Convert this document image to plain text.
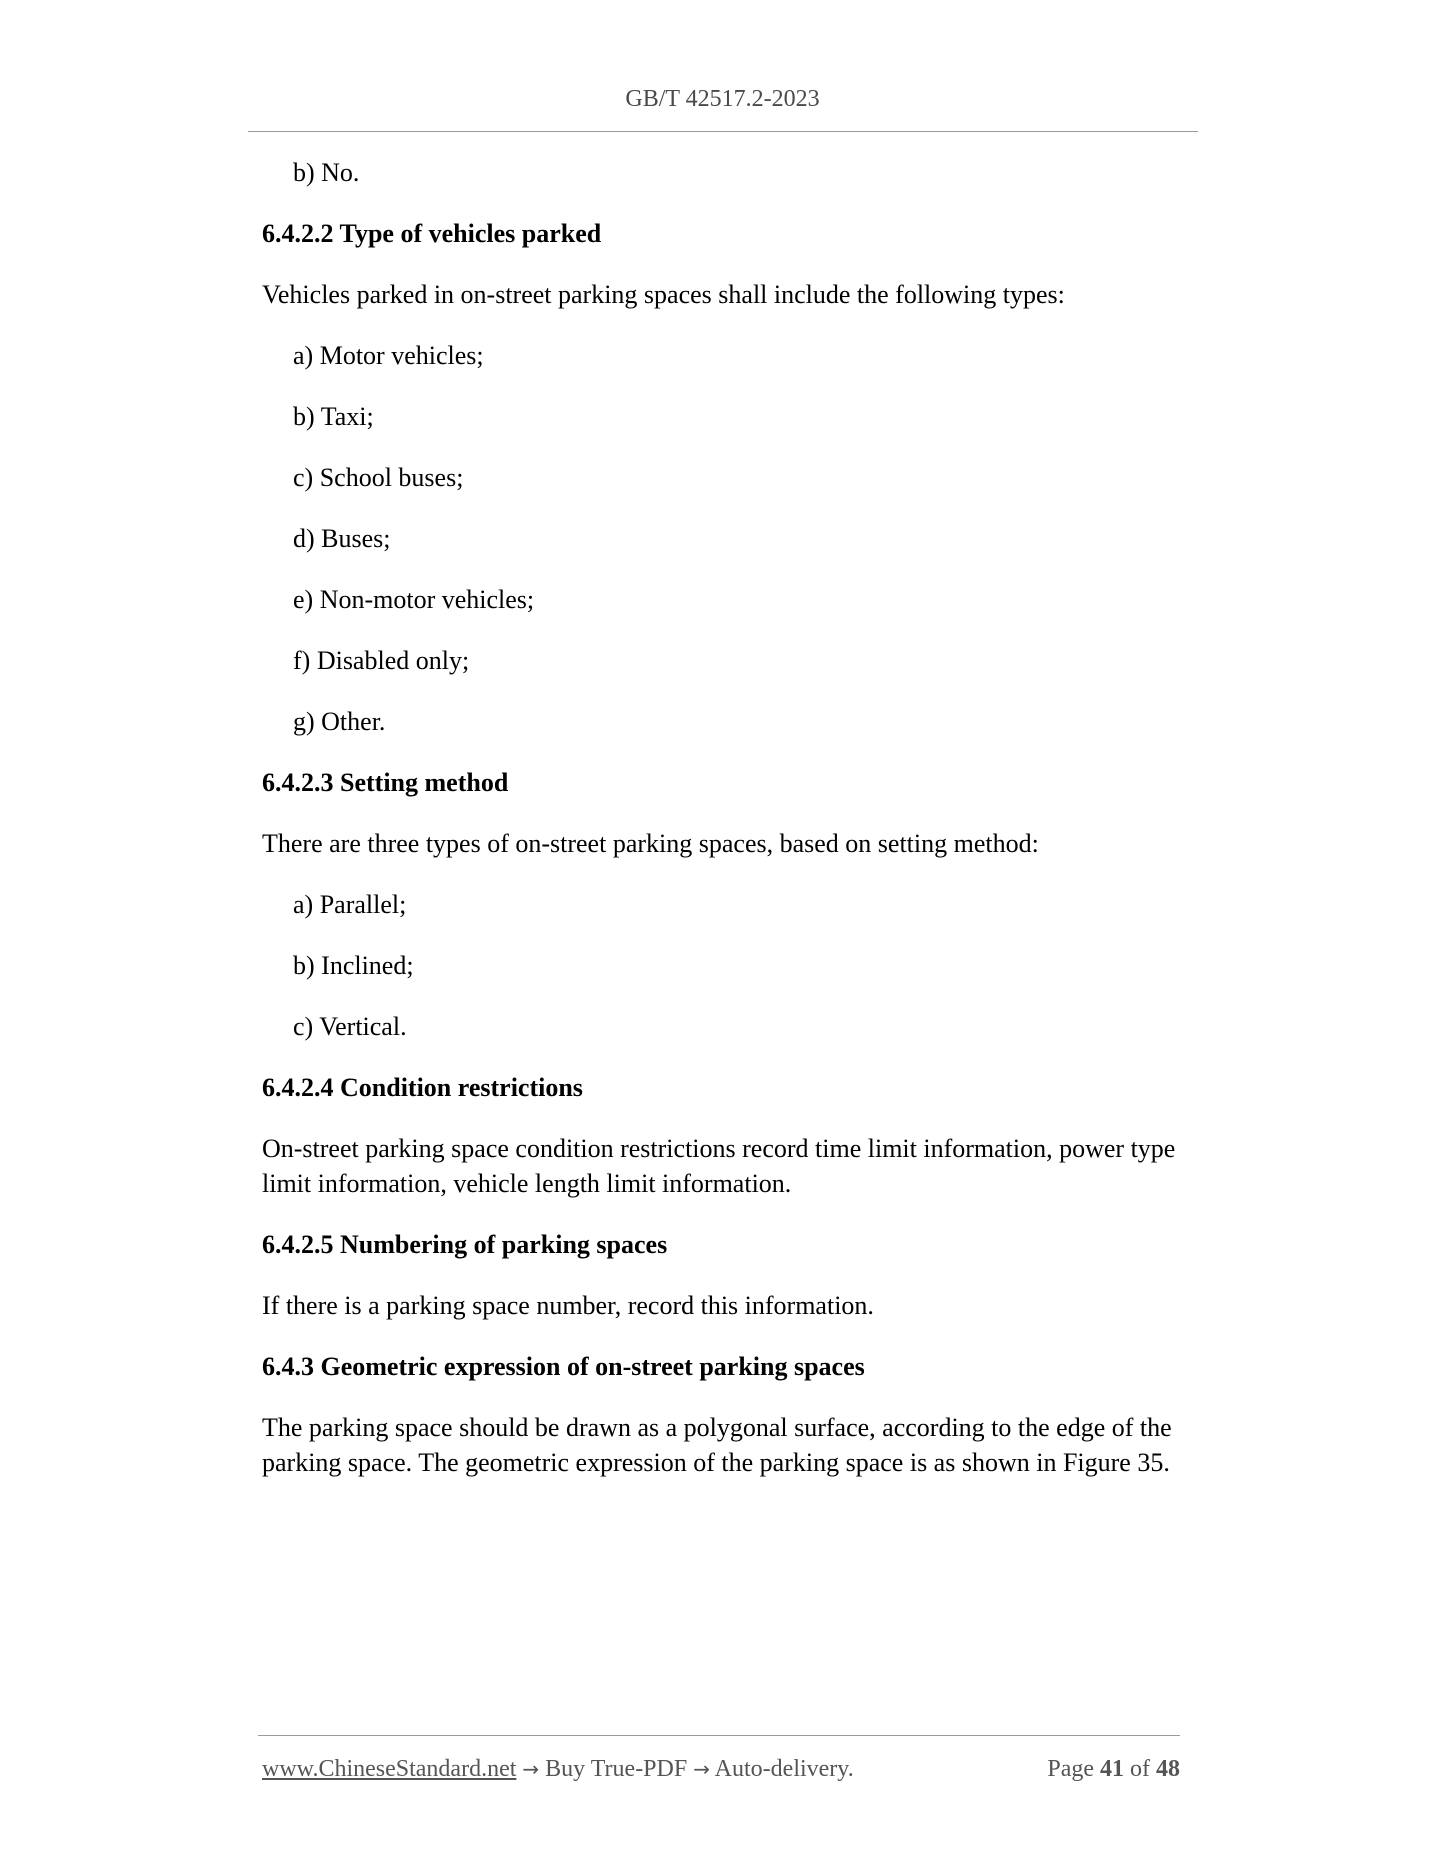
GB/T 42517.2-2023

b) No.

6.4.2.2 Type of vehicles parked

Vehicles parked in on-street parking spaces shall include the following types:

a) Motor vehicles;

b) Taxi;

c) School buses;

d) Buses;

e) Non-motor vehicles;

f) Disabled only;

g) Other.

6.4.2.3 Setting method

There are three types of on-street parking spaces, based on setting method:

a) Parallel;

b) Inclined;

c) Vertical.

6.4.2.4 Condition restrictions

On-street parking space condition restrictions record time limit information, power type limit information, vehicle length limit information.

6.4.2.5 Numbering of parking spaces

If there is a parking space number, record this information.

6.4.3 Geometric expression of on-street parking spaces

The parking space should be drawn as a polygonal surface, according to the edge of the parking space. The geometric expression of the parking space is as shown in Figure 35.

www.ChineseStandard.net → Buy True-PDF → Auto-delivery.	Page 41 of 48
